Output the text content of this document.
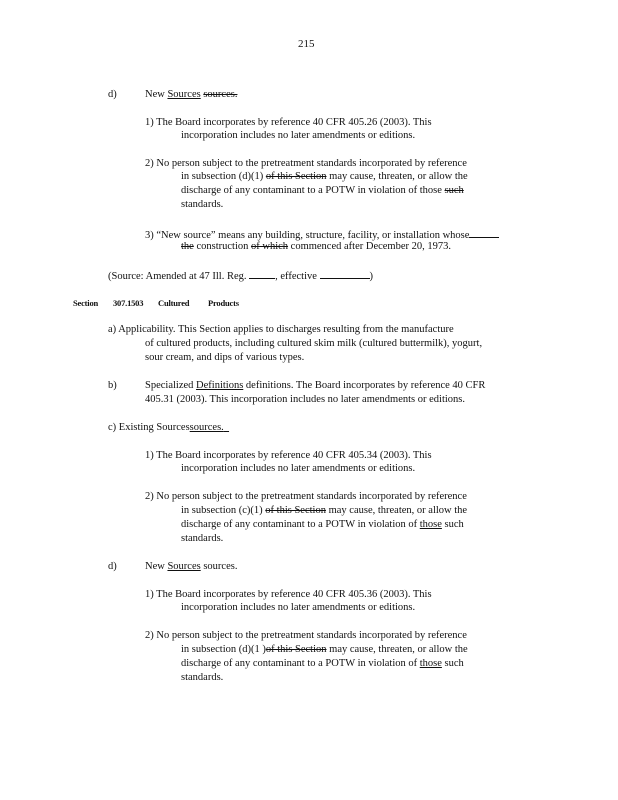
215
d)	New Sources sources.
1) The Board incorporates by reference 40 CFR 405.26 (2003). This
incorporation includes no later amendments or editions.
2) No person subject to the pretreatment standards incorporated by reference
in subsection (d)(1) of this Section may cause, threaten, or allow the
discharge of any contaminant to a POTW in violation of those such
standards.
3) “New source” means any building, structure, facility, or installation whose
the construction of which commenced after December 20, 1973.
(Source: Amended at 47 Ill. Reg.	, effective	)
Section 307.1503 Cultured Products
a) Applicability. This Section applies to discharges resulting from the manufacture
of cultured products, including cultured skim milk (cultured buttermilk), yogurt,
sour cream, and dips of various types.
b)	Specialized Definitions definitions. The Board incorporates by reference 40 CFR
405.31 (2003). This incorporation includes no later amendments or editions.
c) Existing Sourcessources.
1) The Board incorporates by reference 40 CFR 405.34 (2003). This
incorporation includes no later amendments or editions.
2) No person subject to the pretreatment standards incorporated by reference
in subsection (c)(1) of this Section may cause, threaten, or allow the
discharge of any contaminant to a POTW in violation of those such
standards.
d)	New Sources sources.
1) The Board incorporates by reference 40 CFR 405.36 (2003). This
incorporation includes no later amendments or editions.
2) No person subject to the pretreatment standards incorporated by reference
in subsection (d)(1 )of this Section may cause, threaten, or allow the
discharge of any contaminant to a POTW in violation of those such
standards.
